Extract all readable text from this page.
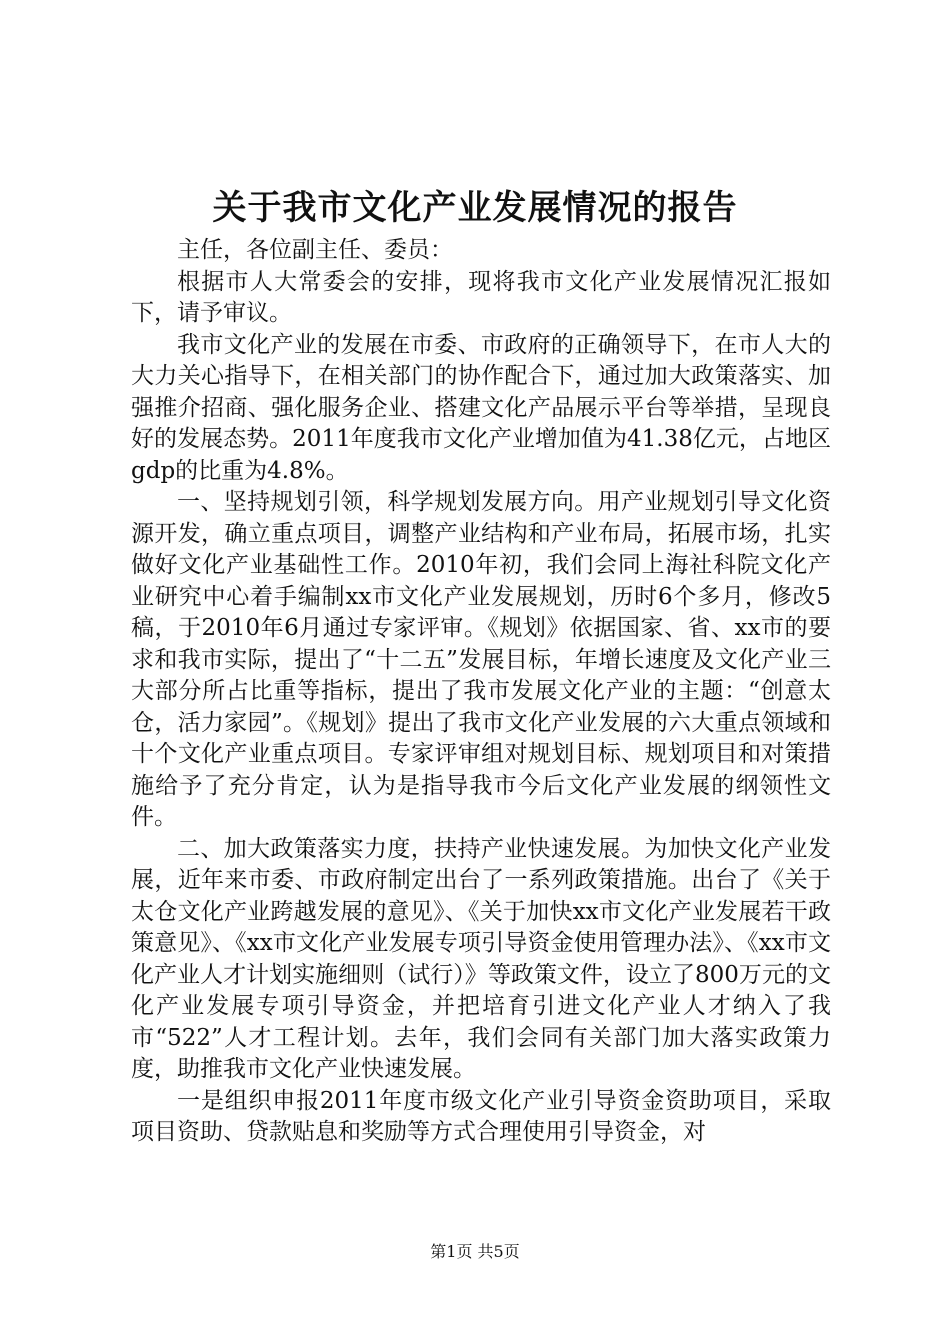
关于我市文化产业发展情况的报告

主任，各位副主任、委员：

根据市人大常委会的安排，现将我市文化产业发展情况汇报如下，请予审议。

我市文化产业的发展在市委、市政府的正确领导下，在市人大的大力关心指导下，在相关部门的协作配合下，通过加大政策落实、加强推介招商、强化服务企业、搭建文化产品展示平台等举措，呈现良好的发展态势。2011年度我市文化产业增加值为41.38亿元，占地区gdp的比重为4.8%。

一、坚持规划引领，科学规划发展方向。用产业规划引导文化资源开发，确立重点项目，调整产业结构和产业布局，拓展市场，扎实做好文化产业基础性工作。2010年初，我们会同上海社科院文化产业研究中心着手编制xx市文化产业发展规划，历时6个多月，修改5稿，于2010年6月通过专家评审。《规划》依据国家、省、xx市的要求和我市实际，提出了“十二五”发展目标，年增长速度及文化产业三大部分所占比重等指标，提出了我市发展文化产业的主题：“创意太仓，活力家园”。《规划》提出了我市文化产业发展的六大重点领域和十个文化产业重点项目。专家评审组对规划目标、规划项目和对策措施给予了充分肯定，认为是指导我市今后文化产业发展的纲领性文件。

二、加大政策落实力度，扶持产业快速发展。为加快文化产业发展，近年来市委、市政府制定出台了一系列政策措施。出台了《关于太仓文化产业跨越发展的意见》、《关于加快xx市文化产业发展若干政策意见》、《xx市文化产业发展专项引导资金使用管理办法》、《xx市文化产业人才计划实施细则（试行）》等政策文件，设立了800万元的文化产业发展专项引导资金，并把培育引进文化产业人才纳入了我市“522”人才工程计划。去年，我们会同有关部门加大落实政策力度，助推我市文化产业快速发展。

一是组织申报2011年度市级文化产业引导资金资助项目，采取项目资助、贷款贴息和奖励等方式合理使用引导资金，对

第1页 共5页
